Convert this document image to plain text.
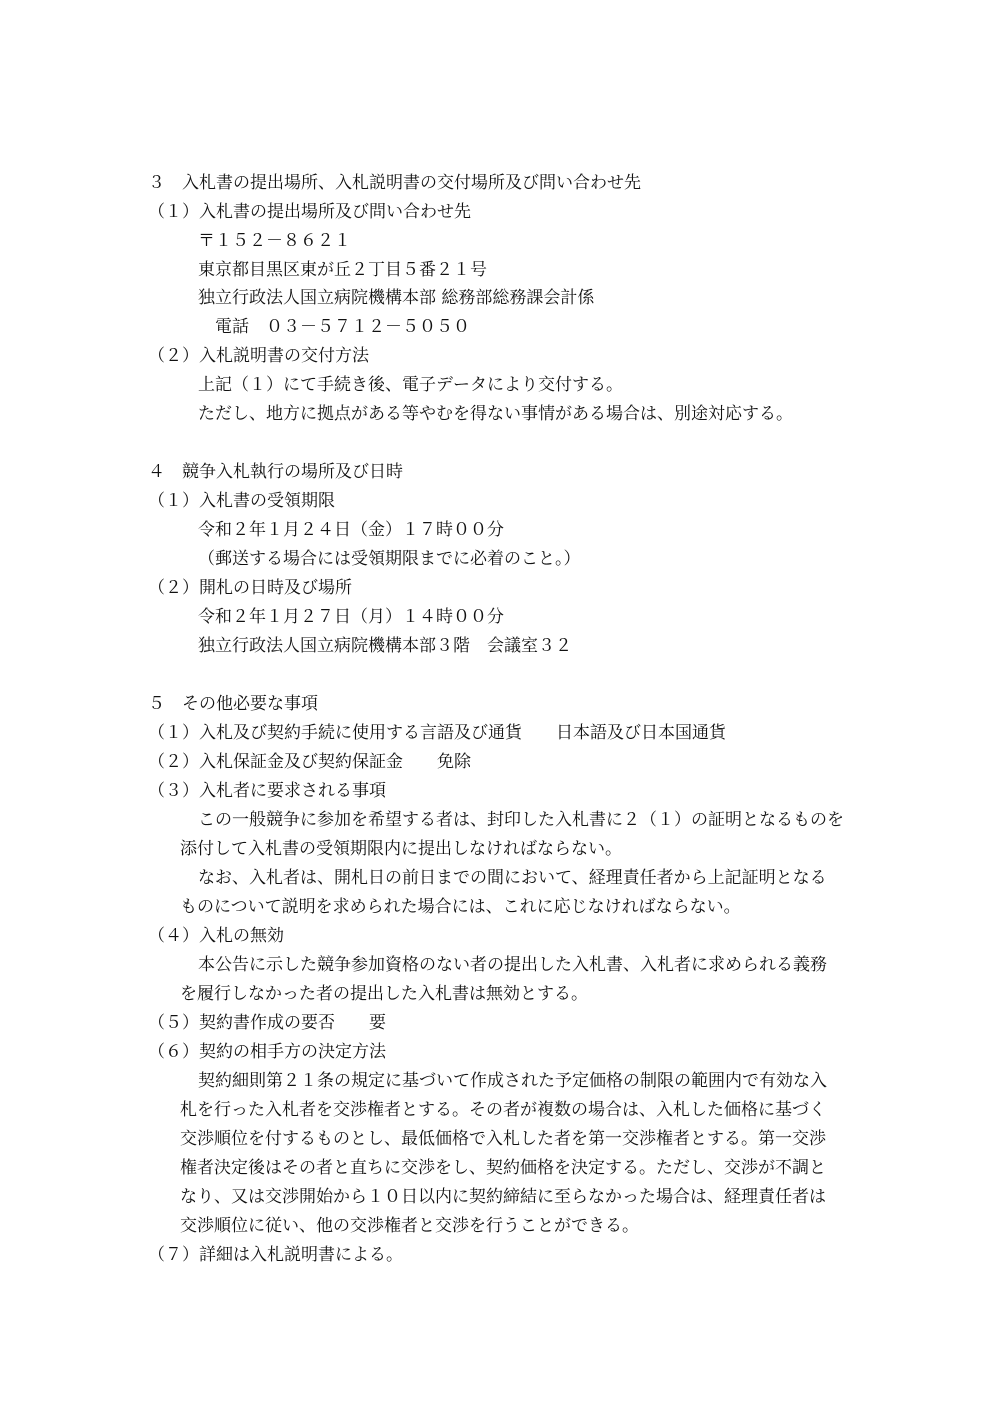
３　入札書の提出場所、入札説明書の交付場所及び問い合わせ先
（１）入札書の提出場所及び問い合わせ先
〒１５２－８６２１
東京都目黒区東が丘２丁目５番２１号
独立行政法人国立病院機構本部 総務部総務課会計係
電話　０３－５７１２－５０５０
（２）入札説明書の交付方法
上記（１）にて手続き後、電子データにより交付する。
ただし、地方に拠点がある等やむを得ない事情がある場合は、別途対応する。
４　競争入札執行の場所及び日時
（１）入札書の受領期限
令和２年１月２４日（金）１７時００分
（郵送する場合には受領期限までに必着のこと。）
（２）開札の日時及び場所
令和２年１月２７日（月）１４時００分
独立行政法人国立病院機構本部３階　会議室３２
５　その他必要な事項
（１）入札及び契約手続に使用する言語及び通貨　　日本語及び日本国通貨
（２）入札保証金及び契約保証金　　免除
（３）入札者に要求される事項
この一般競争に参加を希望する者は、封印した入札書に２（１）の証明となるものを
添付して入札書の受領期限内に提出しなければならない。
なお、入札者は、開札日の前日までの間において、経理責任者から上記証明となる
ものについて説明を求められた場合には、これに応じなければならない。
（４）入札の無効
本公告に示した競争参加資格のない者の提出した入札書、入札者に求められる義務
を履行しなかった者の提出した入札書は無効とする。
（５）契約書作成の要否　　要
（６）契約の相手方の決定方法
契約細則第２１条の規定に基づいて作成された予定価格の制限の範囲内で有効な入
札を行った入札者を交渉権者とする。その者が複数の場合は、入札した価格に基づく
交渉順位を付するものとし、最低価格で入札した者を第一交渉権者とする。第一交渉
権者決定後はその者と直ちに交渉をし、契約価格を決定する。ただし、交渉が不調と
なり、又は交渉開始から１０日以内に契約締結に至らなかった場合は、経理責任者は
交渉順位に従い、他の交渉権者と交渉を行うことができる。
（７）詳細は入札説明書による。
